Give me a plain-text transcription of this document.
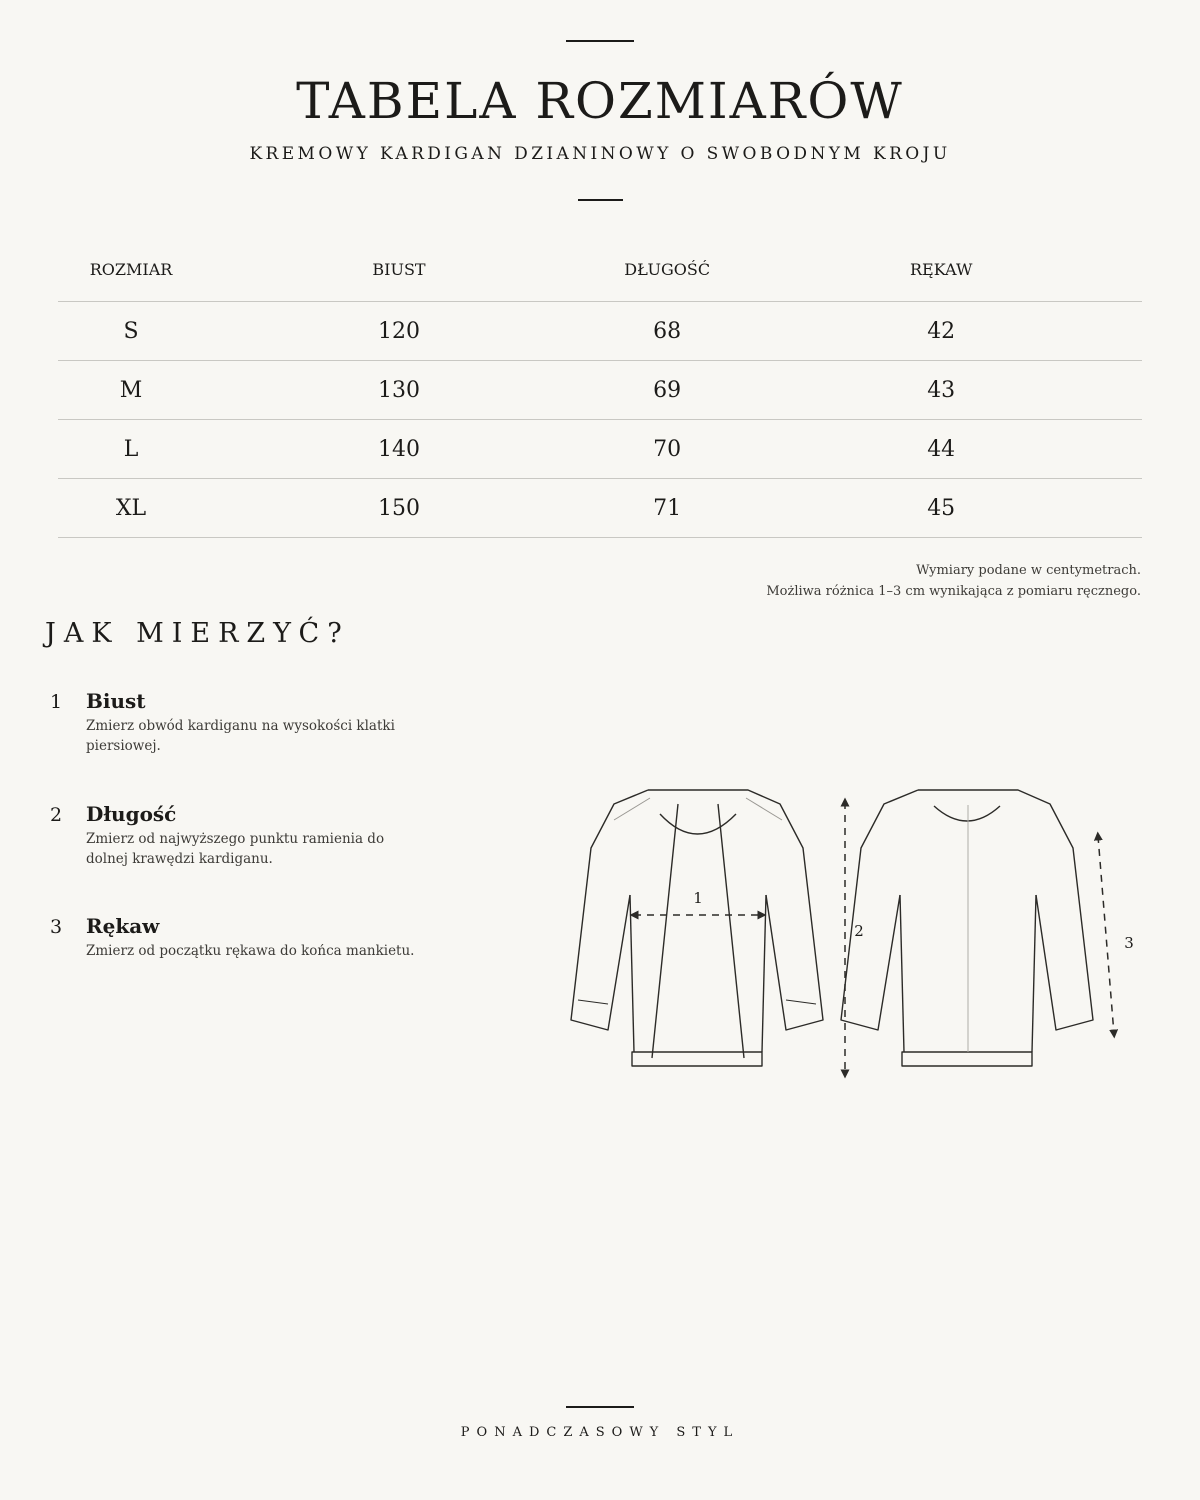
TABELA ROZMIARÓW
KREMOWY KARDIGAN DZIANINOWY O SWOBODNYM KROJU
ROZMIAR	BIUST	DŁUGOŚĆ	RĘKAW
S	120	68	42
M	130	69	43
L	140	70	44
XL	150	71	45
Wymiary podane w centymetrach.
Możliwa różnica 1–3 cm wynikająca z pomiaru ręcznego.
JAK MIERZYĆ?
1 Biust
Zmierz obwód kardiganu na wysokości klatki piersiowej.
2 Długość
Zmierz od najwyższego punktu ramienia do dolnej krawędzi kardiganu.
3 Rękaw
Zmierz od początku rękawa do końca mankietu.
1
2
3
PONADCZASOWY STYL
